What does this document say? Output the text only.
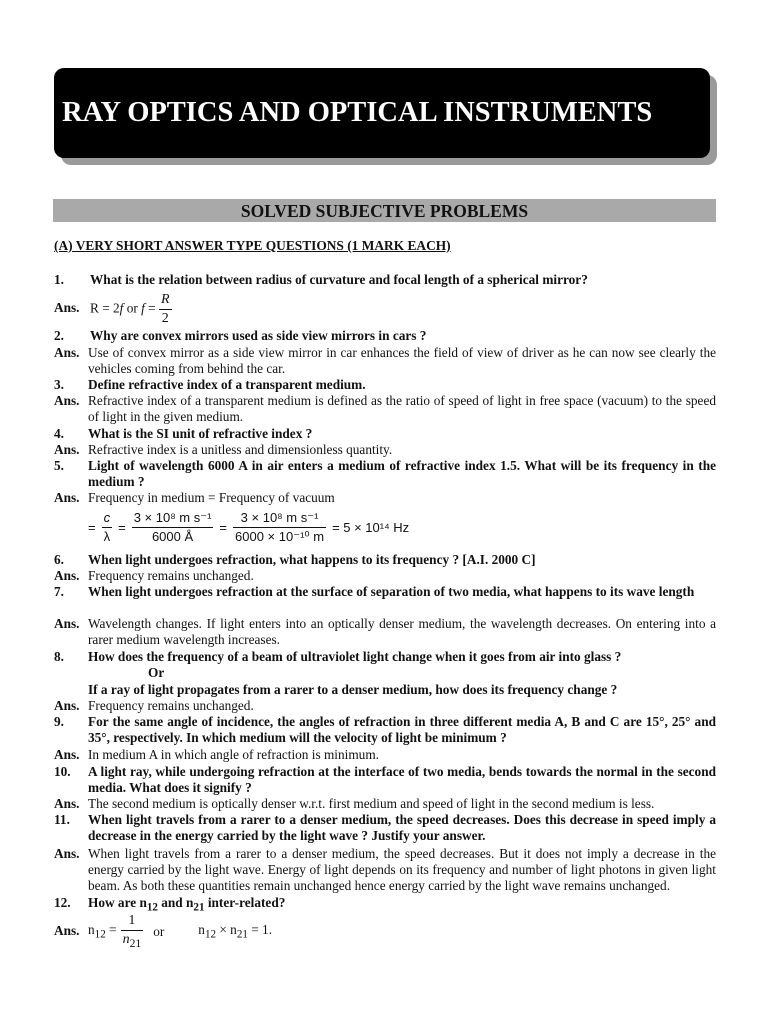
RAY OPTICS AND OPTICAL INSTRUMENTS
SOLVED SUBJECTIVE PROBLEMS
(A) VERY SHORT ANSWER TYPE QUESTIONS (1 MARK EACH)
1.	What is the relation between radius of curvature and focal length of a spherical mirror?
Ans. R = 2f or $f = \frac{R}{2}$
2.	Why are convex mirrors used as side view mirrors in cars ?
Ans. Use of convex mirror as a side view mirror in car enhances the field of view of driver as he can now see clearly the vehicles coming from behind the car.
3.	Define refractive index of a transparent medium.
Ans. Refractive index of a transparent medium is defined as the ratio of speed of light in free space (vacuum) to the speed of light in the given medium.
4.	What is the SI unit of refractive index ?
Ans. Refractive index is a unitless and dimensionless quantity.
5.	Light of wavelength 6000 A in air enters a medium of refractive index 1.5. What will be its frequency in the medium ?
Ans. Frequency in medium = Frequency of vacuum
= $\frac{c}{\lambda} = \frac{\text{3 × 10⁸ m s⁻¹}}{6000 Å} = \frac{\text{3 × 10⁸ m s⁻¹}}{\text{6000 × 10⁻¹⁰ m}} = 5 \times 10^{14}$ Hz
6.	When light undergoes refraction, what happens to its frequency ? [A.I. 2000 C]
Ans. Frequency remains unchanged.
7.	When light undergoes refraction at the surface of separation of two media, what happens to its wave length
Ans. Wavelength changes. If light enters into an optically denser medium, the wavelength decreases. On entering into a rarer medium wavelength increases.
8.	How does the frequency of a beam of ultraviolet light change when it goes from air into glass ?
Or
If a ray of light propagates from a rarer to a denser medium, how does its frequency change ?
Ans. Frequency remains unchanged.
9.	For the same angle of incidence, the angles of refraction in three different media A, B and C are 15°, 25° and 35°, respectively. In which medium will the velocity of light be minimum ?
Ans. In medium A in which angle of refraction is minimum.
10.	A light ray, while undergoing refraction at the interface of two media, bends towards the normal in the second media. What does it signify ?
Ans. The second medium is optically denser w.r.t. first medium and speed of light in the second medium is less.
11.	When light travels from a rarer to a denser medium, the speed decreases. Does this decrease in speed imply a decrease in the energy carried by the light wave ? Justify your answer.
Ans. When light travels from a rarer to a denser medium, the speed decreases. But it does not imply a decrease in the energy carried by the light wave. Energy of light depends on its frequency and number of light photons in given light beam. As both these quantities remain unchanged hence energy carried by the light wave remains unchanged.
12.	How are $n_{12}$ and $n_{21}$ inter-related?
Ans. $n_{12} = \frac{1}{n_{21}}$ or	$n_{12} \times n_{21} = 1$.
